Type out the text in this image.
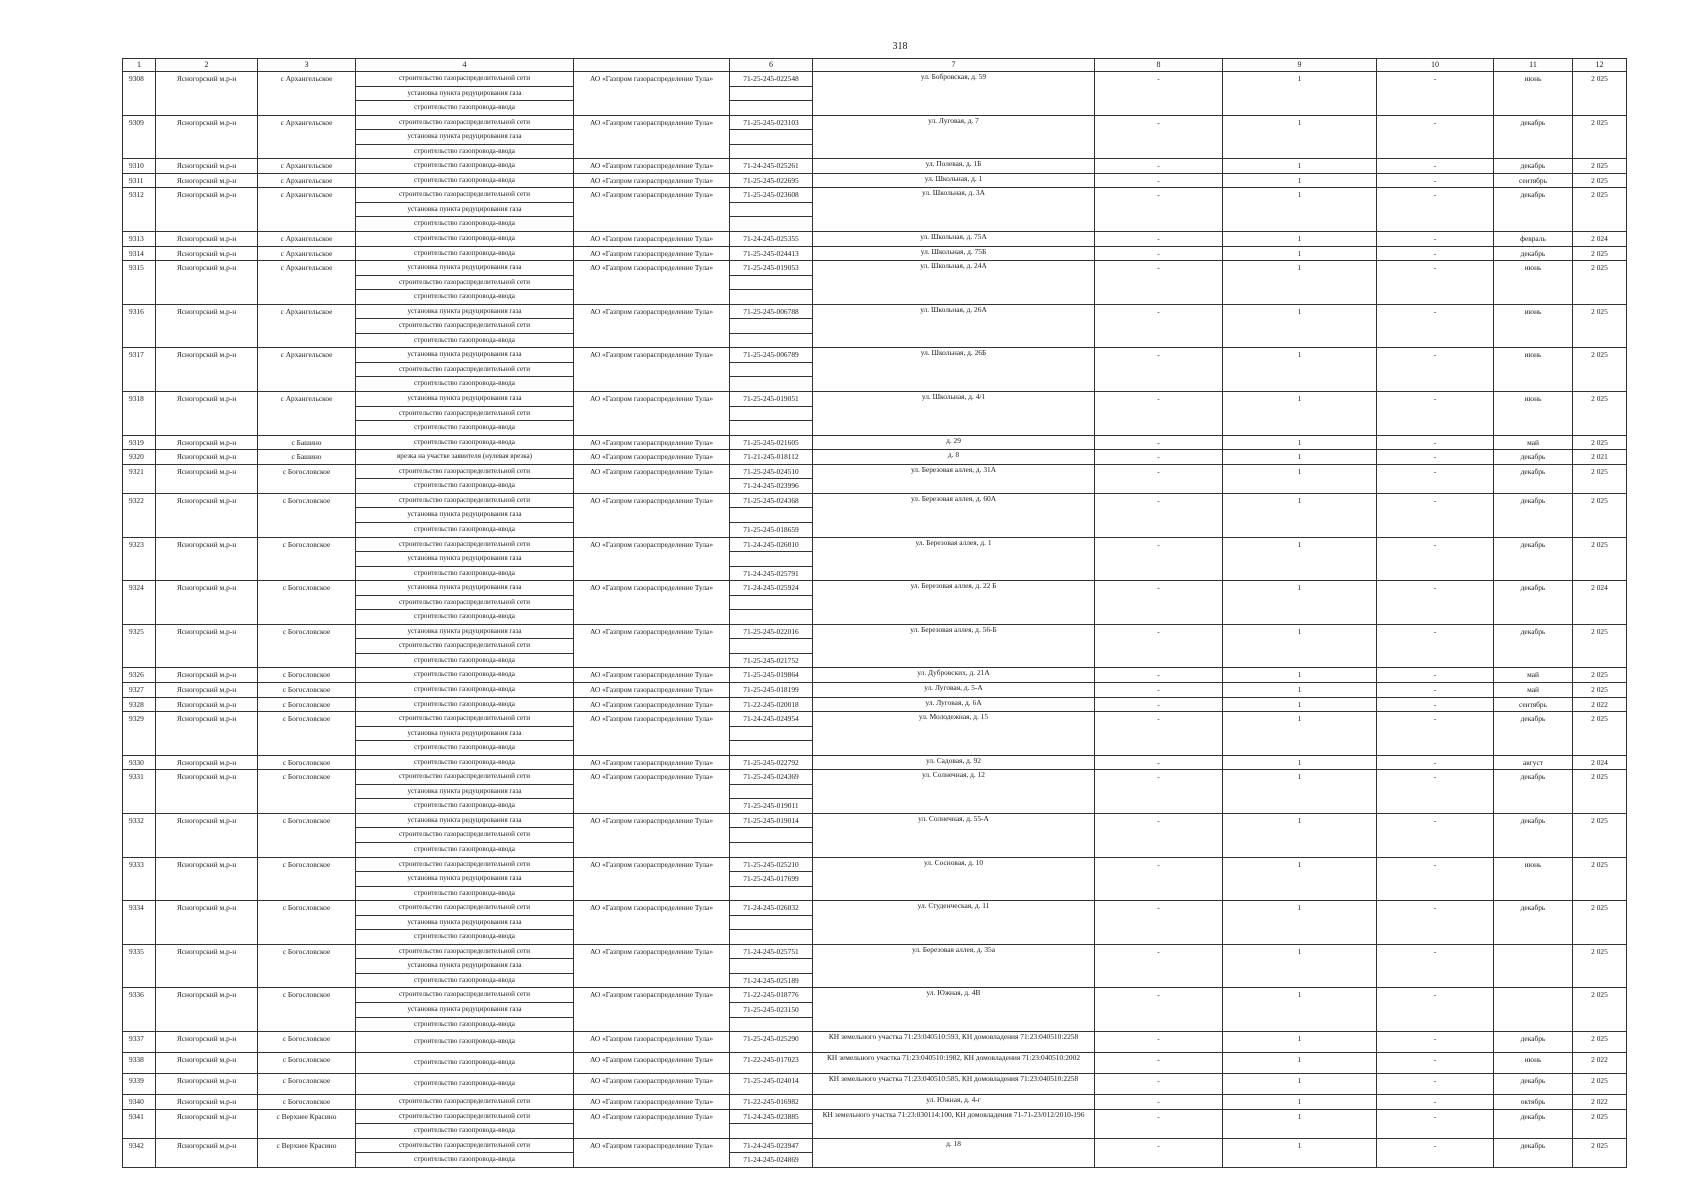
318
1	2	3	4		6	7	8	9	10	11	12
9308	Ясногорский м.р-н	с Архангельское	строительство газораспределительной сети	АО «Газпром газораспределение Тула»	71-25-245-022548	ул. Бобровская, д. 59	-	1	-	июнь	2 025
			установка пункта редуцирования газа								
			строительство газопровода-ввода								
9309	Ясногорский м.р-н	с Архангельское	строительство газораспределительной сети	АО «Газпром газораспределение Тула»	71-25-245-023103	ул. Луговая, д. 7	-	1	-	декабрь	2 025
			установка пункта редуцирования газа								
			строительство газопровода-ввода								
9310	Ясногорский м.р-н	с Архангельское	строительство газопровода-ввода	АО «Газпром газораспределение Тула»	71-24-245-025261	ул. Полевая, д. 1Б	-	1	-	декабрь	2 025
9311	Ясногорский м.р-н	с Архангельское	строительство газопровода-ввода	АО «Газпром газораспределение Тула»	71-25-245-022695	ул. Школьная, д. 1	-	1	-	сентябрь	2 025
9312	Ясногорский м.р-н	с Архангельское	строительство газораспределительной сети	АО «Газпром газораспределение Тула»	71-25-245-023608	ул. Школьная, д. 3А	-	1	-	декабрь	2 025
			установка пункта редуцирования газа								
			строительство газопровода-ввода								
9313	Ясногорский м.р-н	с Архангельское	строительство газопровода-ввода	АО «Газпром газораспределение Тула»	71-24-245-025355	ул. Школьная, д. 75А	-	1	-	февраль	2 024
9314	Ясногорский м.р-н	с Архангельское	строительство газопровода-ввода	АО «Газпром газораспределение Тула»	71-25-245-024413	ул. Школьная, д. 75Б	-	1	-	декабрь	2 025
9315	Ясногорский м.р-н	с Архангельское	установка пункта редуцирования газа	АО «Газпром газораспределение Тула»	71-25-245-019053	ул. Школьная, д. 24А	-	1	-	июнь	2 025
			строительство газораспределительной сети								
			строительство газопровода-ввода								
9316	Ясногорский м.р-н	с Архангельское	установка пункта редуцирования газа	АО «Газпром газораспределение Тула»	71-25-245-006788	ул. Школьная, д. 26А	-	1	-	июнь	2 025
			строительство газораспределительной сети								
			строительство газопровода-ввода								
9317	Ясногорский м.р-н	с Архангельское	установка пункта редуцирования газа	АО «Газпром газораспределение Тула»	71-25-245-006789	ул. Школьная, д. 26Б	-	1	-	июнь	2 025
			строительство газораспределительной сети								
			строительство газопровода-ввода								
9318	Ясногорский м.р-н	с Архангельское	установка пункта редуцирования газа	АО «Газпром газораспределение Тула»	71-25-245-019051	ул. Школьная, д. 4/1	-	1	-	июнь	2 025
			строительство газораспределительной сети								
			строительство газопровода-ввода								
9319	Ясногорский м.р-н	с Башино	строительство газопровода-ввода	АО «Газпром газораспределение Тула»	71-25-245-021605	д. 29	-	1	-	май	2 025
9320	Ясногорский м.р-н	с Башино	врезка на участке заявителя (нулевая врезка)	АО «Газпром газораспределение Тула»	71-21-245-018112	д. 8	-	1	-	декабрь	2 021
9321	Ясногорский м.р-н	с Богословское	строительство газораспределительной сети	АО «Газпром газораспределение Тула»	71-25-245-024510	ул. Березовая аллея, д. 31А	-	1	-	декабрь	2 025
			строительство газопровода-ввода		71-24-245-023996						
9322	Ясногорский м.р-н	с Богословское	строительство газораспределительной сети	АО «Газпром газораспределение Тула»	71-25-245-024368	ул. Березовая аллея, д. 60А	-	1	-	декабрь	2 025
			установка пункта редуцирования газа								
			строительство газопровода-ввода		71-25-245-018659						
9323	Ясногорский м.р-н	с Богословское	строительство газораспределительной сети	АО «Газпром газораспределение Тула»	71-24-245-026010	ул. Березовая аллея, д. 1	-	1	-	декабрь	2 025
			установка пункта редуцирования газа								
			строительство газопровода-ввода		71-24-245-025791						
9324	Ясногорский м.р-н	с Богословское	установка пункта редуцирования газа	АО «Газпром газораспределение Тула»	71-24-245-025924	ул. Березовая аллея, д. 22 Б	-	1	-	декабрь	2 024
			строительство газораспределительной сети								
			строительство газопровода-ввода								
9325	Ясногорский м.р-н	с Богословское	установка пункта редуцирования газа	АО «Газпром газораспределение Тула»	71-25-245-022016	ул. Березовая аллея, д. 56-Б	-	1	-	декабрь	2 025
			строительство газораспределительной сети								
			строительство газопровода-ввода		71-25-245-021752						
9326	Ясногорский м.р-н	с Богословское	строительство газопровода-ввода	АО «Газпром газораспределение Тула»	71-25-245-019864	ул. Дубровских, д. 21А	-	1	-	май	2 025
9327	Ясногорский м.р-н	с Богословское	строительство газопровода-ввода	АО «Газпром газораспределение Тула»	71-25-245-018199	ул. Луговая, д. 5-А	-	1	-	май	2 025
9328	Ясногорский м.р-н	с Богословское	строительство газопровода-ввода	АО «Газпром газораспределение Тула»	71-22-245-020018	ул. Луговая, д. 6А	-	1	-	сентябрь	2 022
9329	Ясногорский м.р-н	с Богословское	строительство газораспределительной сети	АО «Газпром газораспределение Тула»	71-24-245-024954	ул. Молодежная, д. 15	-	1	-	декабрь	2 025
			установка пункта редуцирования газа								
			строительство газопровода-ввода								
9330	Ясногорский м.р-н	с Богословское	строительство газопровода-ввода	АО «Газпром газораспределение Тула»	71-25-245-022792	ул. Садовая, д. 92	-	1	-	август	2 024
9331	Ясногорский м.р-н	с Богословское	строительство газораспределительной сети	АО «Газпром газораспределение Тула»	71-25-245-024369	ул. Солнечная, д. 12	-	1	-	декабрь	2 025
			установка пункта редуцирования газа								
			строительство газопровода-ввода		71-25-245-019011						
9332	Ясногорский м.р-н	с Богословское	установка пункта редуцирования газа	АО «Газпром газораспределение Тула»	71-25-245-019014	ул. Солнечная, д. 55-А	-	1	-	декабрь	2 025
			строительство газораспределительной сети								
			строительство газопровода-ввода								
9333	Ясногорский м.р-н	с Богословское	строительство газораспределительной сети	АО «Газпром газораспределение Тула»	71-25-245-025210	ул. Сосновая, д. 10	-	1	-	июнь	2 025
			установка пункта редуцирования газа		71-25-245-017699						
			строительство газопровода-ввода								
9334	Ясногорский м.р-н	с Богословское	строительство газораспределительной сети	АО «Газпром газораспределение Тула»	71-24-245-026032	ул. Студенческая, д. 11	-	1	-	декабрь	2 025
			установка пункта редуцирования газа								
			строительство газопровода-ввода								
9335	Ясногорский м.р-н	с Богословское	строительство газораспределительной сети	АО «Газпром газораспределение Тула»	71-24-245-025751	ул. Березовая аллея, д. 35а	-	1	-		2 025
			установка пункта редуцирования газа								
			строительство газопровода-ввода		71-24-245-025189						
9336	Ясногорский м.р-н	с Богословское	строительство газораспределительной сети	АО «Газпром газораспределение Тула»	71-22-245-018776	ул. Южная, д. 4В	-	1	-		2 025
			установка пункта редуцирования газа		71-25-245-023150						
			строительство газопровода-ввода								
9337	Ясногорский м.р-н	с Богословское	строительство газопровода-ввода	АО «Газпром газораспределение Тула»	71-25-245-025290	КН земельного участка 71:23:040510:593, КН домовладения 71:23:040510:2258	-	1	-	декабрь	2 025
9338	Ясногорский м.р-н	с Богословское	строительство газопровода-ввода	АО «Газпром газораспределение Тула»	71-22-245-017023	КН земельного участка 71:23:040510:1982, КН домовладения 71:23:040510:2002	-	1	-	июнь	2 022
9339	Ясногорский м.р-н	с Богословское	строительство газопровода-ввода	АО «Газпром газораспределение Тула»	71-25-245-024014	КН земельного участка 71:23:040510:585, КН домовладения 71:23:040510:2258	-	1	-	декабрь	2 025
9340	Ясногорский м.р-н	с Богословское	строительство газораспределительной сети	АО «Газпром газораспределение Тула»	71-22-245-016982	ул. Южная, д. 4-г	-	1	-	октябрь	2 022
9341	Ясногорский м.р-н	с Верхнее Красино	строительство газораспределительной сети	АО «Газпром газораспределение Тула»	71-24-245-023885	КН земельного участка 71:23:030114:100, КН домовладения 71-71-23/012/2010-196	-	1	-	декабрь	2 025
			строительство газопровода-ввода								
9342	Ясногорский м.р-н	с Верхнее Красино	строительство газораспределительной сети	АО «Газпром газораспределение Тула»	71-24-245-023947	д. 18	-	1	-	декабрь	2 025
			строительство газопровода-ввода		71-24-245-024869						
